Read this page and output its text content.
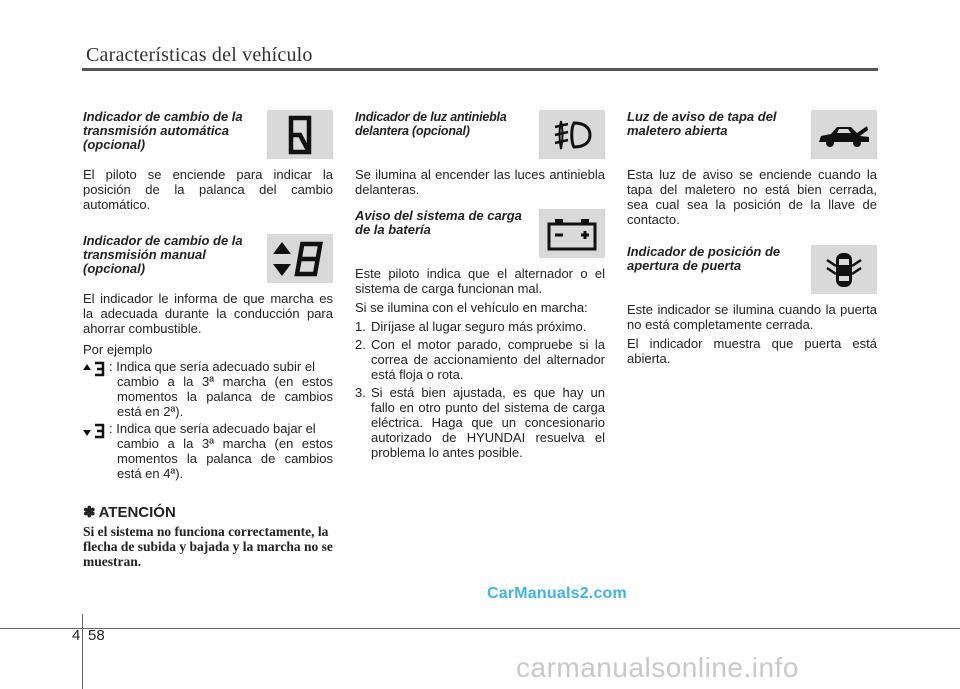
Características del vehículo
Indicador de cambio de la transmisión automática (opcional)

El piloto se enciende para indicar la posición de la palanca del cambio automático.

Indicador de cambio de la transmisión manual (opcional)

El indicador le informa de que marcha es la adecuada durante la conducción para ahorrar combustible.

Por ejemplo
: Indica que sería adecuado subir el
cambio a la 3ª marcha (en estos momentos la palanca de cambios está en 2ª).
: Indica que sería adecuado bajar el
cambio a la 3ª marcha (en estos momentos la palanca de cambios está en 4ª).
✽ ATENCIÓN
Si el sistema no funciona correctamente, la flecha de subida y bajada y la marcha no se muestran.
Indicador de luz antiniebla delantera (opcional)

Se ilumina al encender las luces antiniebla delanteras.

Aviso del sistema de carga de la batería

Este piloto indica que el alternador o el sistema de carga funcionan mal.

Si se ilumina con el vehículo en marcha:

1. Diríjase al lugar seguro más próximo.
2. Con el motor parado, compruebe si la correa de accionamiento del alternador está floja o rota.
3. Si está bien ajustada, es que hay un fallo en otro punto del sistema de carga eléctrica. Haga que un concesionario autorizado de HYUNDAI resuelva el problema lo antes posible.
Luz de aviso de tapa del maletero abierta

Esta luz de aviso se enciende cuando la tapa del maletero no está bien cerrada, sea cual sea la posición de la llave de contacto.

Indicador de posición de apertura de puerta

Este indicador se ilumina cuando la puerta no está completamente cerrada.

El indicador muestra que puerta está abierta.

CarManuals2.com
4 58
carmanualsonline.info
